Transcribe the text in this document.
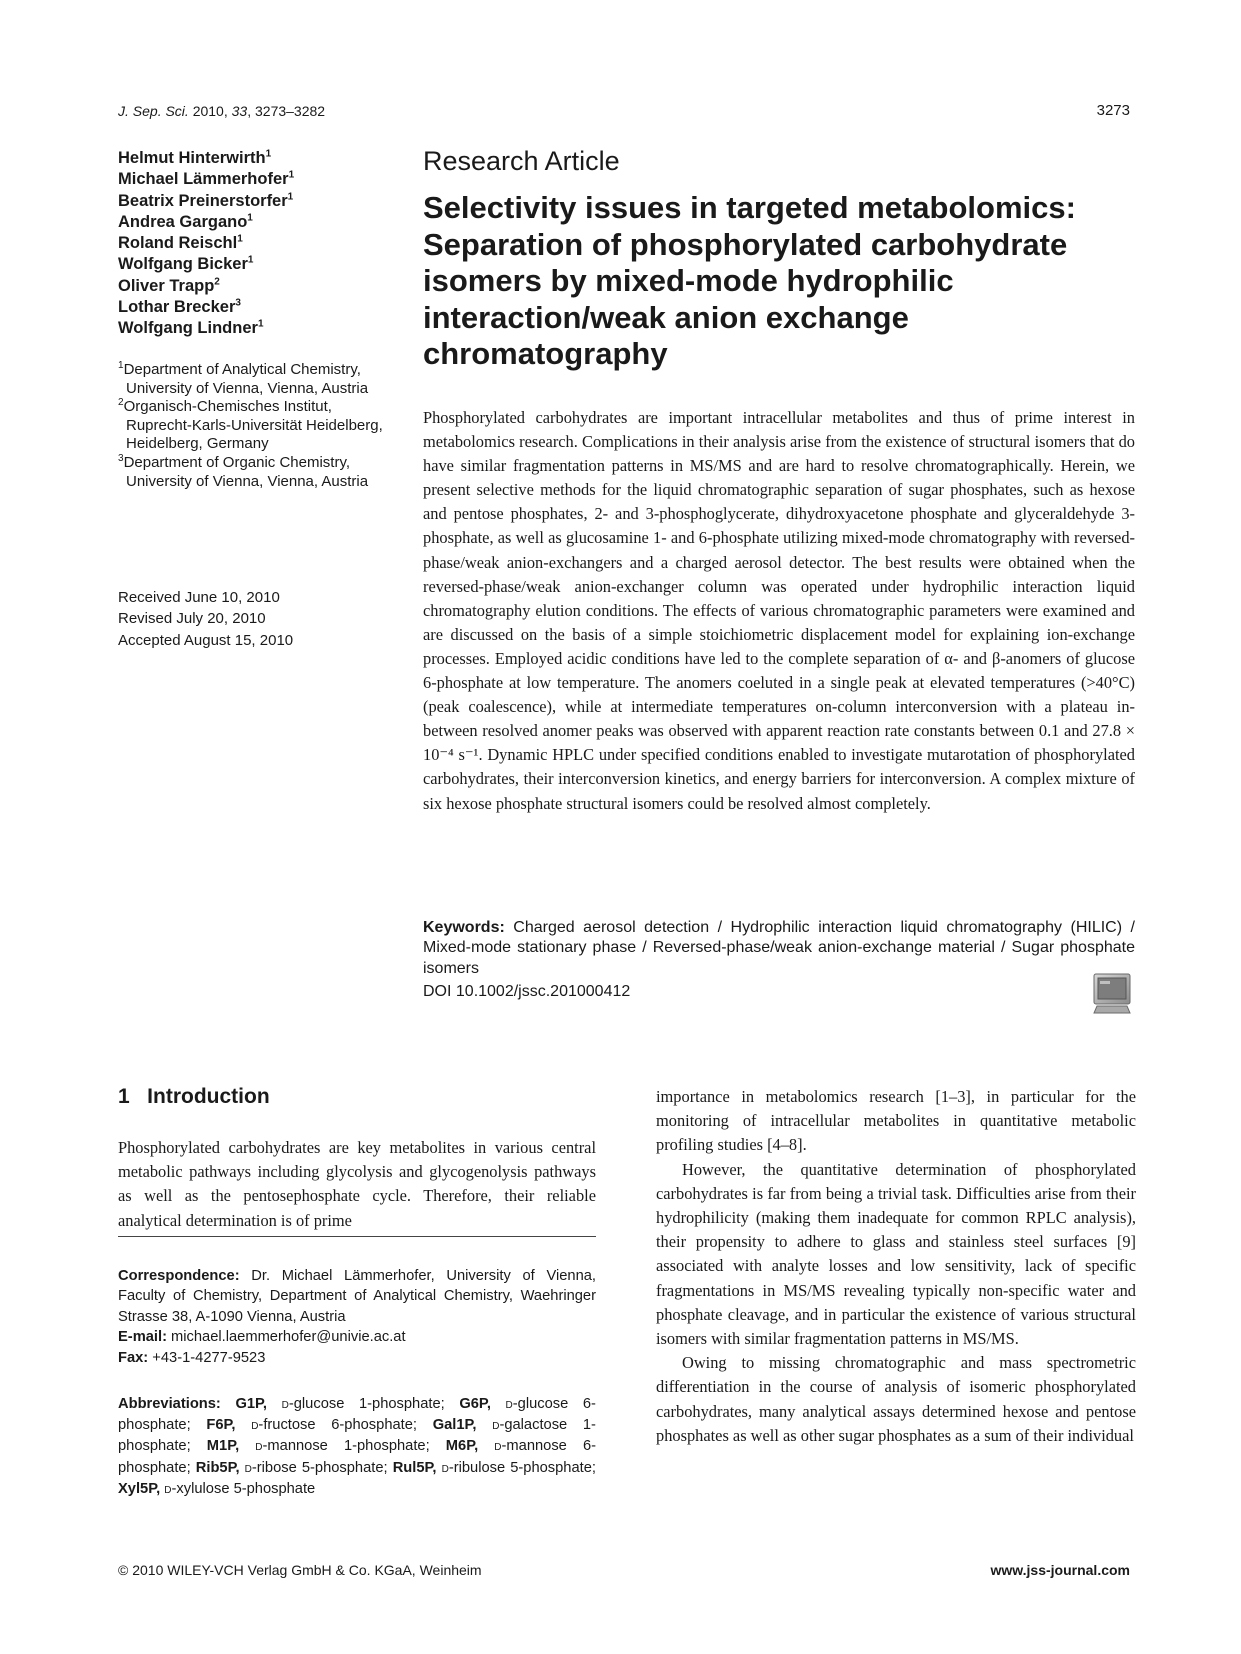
J. Sep. Sci. 2010, 33, 3273–3282	3273
Helmut Hinterwirth$^1$
Michael Lämmerhofer$^1$
Beatrix Preinerstorfer$^1$
Andrea Gargano$^1$
Roland Reischl$^1$
Wolfgang Bicker$^1$
Oliver Trapp$^2$
Lothar Brecker$^3$
Wolfgang Lindner$^1$
$^1$Department of Analytical Chemistry, University of Vienna, Vienna, Austria
$^2$Organisch-Chemisches Institut, Ruprecht-Karls-Universität Heidelberg, Heidelberg, Germany
$^3$Department of Organic Chemistry, University of Vienna, Vienna, Austria
Received June 10, 2010
Revised July 20, 2010
Accepted August 15, 2010
Research Article
Selectivity issues in targeted metabolomics: Separation of phosphorylated carbohydrate isomers by mixed-mode hydrophilic interaction/weak anion exchange chromatography

Phosphorylated carbohydrates are important intracellular metabolites and thus of prime interest in metabolomics research. Complications in their analysis arise from the existence of structural isomers that do have similar fragmentation patterns in MS/MS and are hard to resolve chromatographically. Herein, we present selective methods for the liquid chromatographic separation of sugar phosphates, such as hexose and pentose phosphates, 2- and 3-phosphoglycerate, dihydroxyacetone phosphate and glyceraldehyde 3-phosphate, as well as glucosamine 1- and 6-phosphate utilizing mixed-mode chromatography with reversed-phase/weak anion-exchangers and a charged aerosol detector. The best results were obtained when the reversed-phase/weak anion-exchanger column was operated under hydrophilic interaction liquid chromatography elution conditions. The effects of various chromatographic parameters were examined and are discussed on the basis of a simple stoichiometric displacement model for explaining ion-exchange processes. Employed acidic conditions have led to the complete separation of α- and β-anomers of glucose 6-phosphate at low temperature. The anomers coeluted in a single peak at elevated temperatures (>40°C) (peak coalescence), while at intermediate temperatures on-column interconversion with a plateau in-between resolved anomer peaks was observed with apparent reaction rate constants between 0.1 and 27.8 × 10⁻⁴ s⁻¹. Dynamic HPLC under specified conditions enabled to investigate mutarotation of phosphorylated carbohydrates, their interconversion kinetics, and energy barriers for interconversion. A complex mixture of six hexose phosphate structural isomers could be resolved almost completely.

Keywords: Charged aerosol detection / Hydrophilic interaction liquid chromatography (HILIC) / Mixed-mode stationary phase / Reversed-phase/weak anion-exchange material / Sugar phosphate isomers
DOI 10.1002/jssc.201000412
1   Introduction

Phosphorylated carbohydrates are key metabolites in various central metabolic pathways including glycolysis and glycogenolysis pathways as well as the pentosephosphate cycle. Therefore, their reliable analytical determination is of prime

Correspondence: Dr. Michael Lämmerhofer, University of Vienna, Faculty of Chemistry, Department of Analytical Chemistry, Waehringer Strasse 38, A-1090 Vienna, Austria
E-mail: michael.laemmerhofer@univie.ac.at
Fax: +43-1-4277-9523
Abbreviations: G1P, d-glucose 1-phosphate; G6P, d-glucose 6-phosphate; F6P, d-fructose 6-phosphate; Gal1P, d-galactose 1-phosphate; M1P, d-mannose 1-phosphate; M6P, d-mannose 6-phosphate; Rib5P, d-ribose 5-phosphate; Rul5P, d-ribulose 5-phosphate; Xyl5P, d-xylulose 5-phosphate

importance in metabolomics research [1–3], in particular for the monitoring of intracellular metabolites in quantitative metabolic profiling studies [4–8].

However, the quantitative determination of phosphorylated carbohydrates is far from being a trivial task. Difficulties arise from their hydrophilicity (making them inadequate for common RPLC analysis), their propensity to adhere to glass and stainless steel surfaces [9] associated with analyte losses and low sensitivity, lack of specific fragmentations in MS/MS revealing typically non-specific water and phosphate cleavage, and in particular the existence of various structural isomers with similar fragmentation patterns in MS/MS.

Owing to missing chromatographic and mass spectrometric differentiation in the course of analysis of isomeric phosphorylated carbohydrates, many analytical assays determined hexose and pentose phosphates as well as other sugar phosphates as a sum of their individual

© 2010 WILEY-VCH Verlag GmbH & Co. KGaA, Weinheim	www.jss-journal.com
